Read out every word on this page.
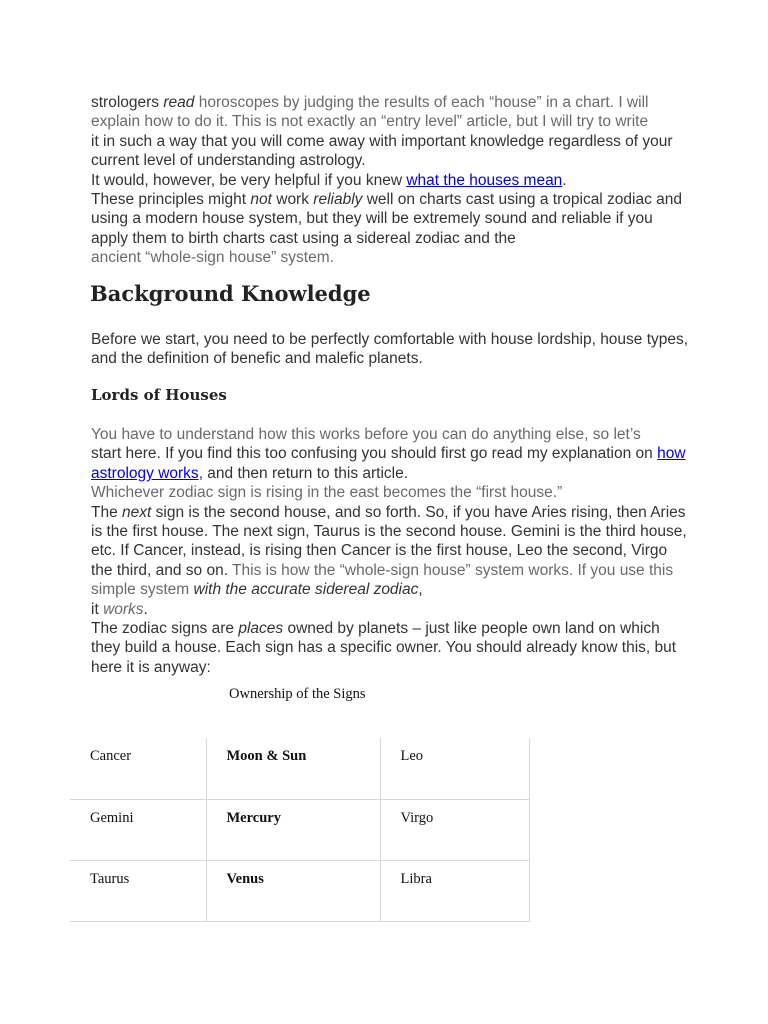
strologers read horoscopes by judging the results of each “house” in a chart. I will explain how to do it. This is not exactly an “entry level” article, but I will try to write
it in such a way that you will come away with important knowledge regardless of your current level of understanding astrology.
It would, however, be very helpful if you knew what the houses mean.
These principles might not work reliably well on charts cast using a tropical zodiac and using a modern house system, but they will be extremely sound and reliable if you apply them to birth charts cast using a sidereal zodiac and the
ancient “whole-sign house” system.

Background Knowledge

Before we start, you need to be perfectly comfortable with house lordship, house types, and the definition of benefic and malefic planets.

Lords of Houses

You have to understand how this works before you can do anything else, so let’s
start here. If you find this too confusing you should first go read my explanation on how astrology works, and then return to this article.
Whichever zodiac sign is rising in the east becomes the “first house.”
The next sign is the second house, and so forth. So, if you have Aries rising, then Aries is the first house. The next sign, Taurus is the second house. Gemini is the third house, etc. If Cancer, instead, is rising then Cancer is the first house, Leo the second, Virgo the third, and so on. This is how the “whole-sign house” system works. If you use this simple system with the accurate sidereal zodiac,
it works.
The zodiac signs are places owned by planets – just like people own land on which they build a house. Each sign has a specific owner. You should already know this, but here it is anyway:

Ownership of the Signs
Cancer	Moon & Sun	Leo
Gemini	Mercury	Virgo
Taurus	Venus	Libra
